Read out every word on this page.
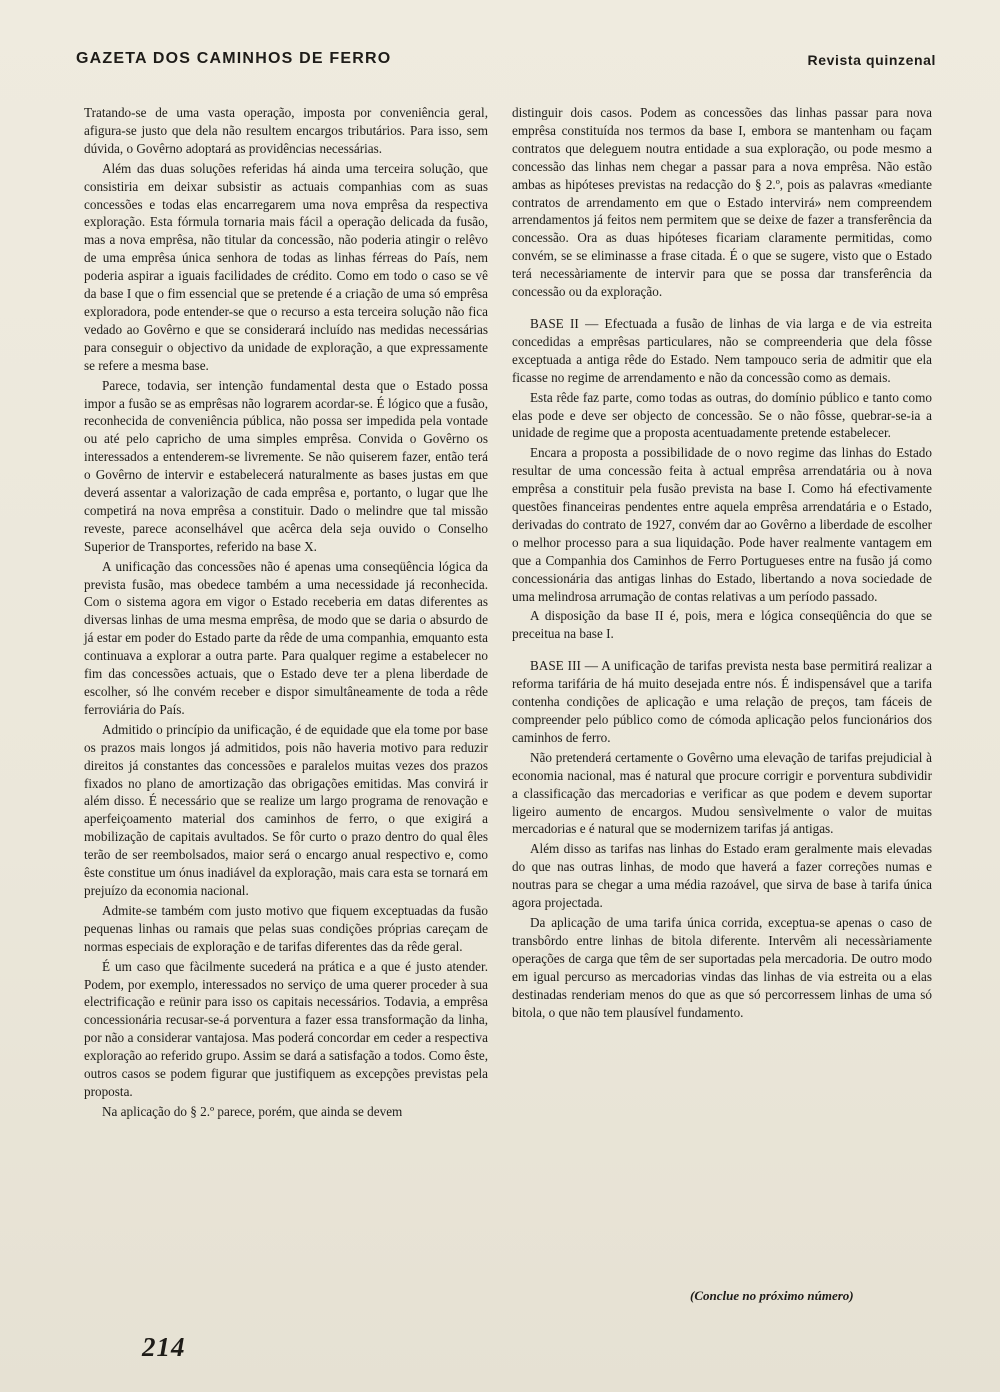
GAZETA DOS CAMINHOS DE FERRO	Revista quinzenal

Tratando-se de uma vasta operação, imposta por conveniência geral, afigura-se justo que dela não resultem encargos tributários. Para isso, sem dúvida, o Govêrno adoptará as providências necessárias.

Além das duas soluções referidas há ainda uma terceira solução, que consistiria em deixar subsistir as actuais companhias com as suas concessões e todas elas encarregarem uma nova emprêsa da respectiva exploração. Esta fórmula tornaria mais fácil a operação delicada da fusão, mas a nova emprêsa, não titular da concessão, não poderia atingir o relêvo de uma emprêsa única senhora de todas as linhas férreas do País, nem poderia aspirar a iguais facilidades de crédito. Como em todo o caso se vê da base I que o fim essencial que se pretende é a criação de uma só emprêsa exploradora, pode entender-se que o recurso a esta terceira solução não fica vedado ao Govêrno e que se considerará incluído nas medidas necessárias para conseguir o objectivo da unidade de exploração, a que expressamente se refere a mesma base.

Parece, todavia, ser intenção fundamental desta que o Estado possa impor a fusão se as emprêsas não lograrem acordar-se. É lógico que a fusão, reconhecida de conveniência pública, não possa ser impedida pela vontade ou até pelo capricho de uma simples emprêsa. Convida o Govêrno os interessados a entenderem-se livremente. Se não quiserem fazer, então terá o Govêrno de intervir e estabelecerá naturalmente as bases justas em que deverá assentar a valorização de cada emprêsa e, portanto, o lugar que lhe competirá na nova emprêsa a constituir. Dado o melindre que tal missão reveste, parece aconselhável que acêrca dela seja ouvido o Conselho Superior de Transportes, referido na base X.

A unificação das concessões não é apenas uma conseqüência lógica da prevista fusão, mas obedece também a uma necessidade já reconhecida. Com o sistema agora em vigor o Estado receberia em datas diferentes as diversas linhas de uma mesma emprêsa, de modo que se daria o absurdo de já estar em poder do Estado parte da rêde de uma companhia, emquanto esta continuava a explorar a outra parte. Para qualquer regime a estabelecer no fim das concessões actuais, que o Estado deve ter a plena liberdade de escolher, só lhe convém receber e dispor simultâneamente de toda a rêde ferroviária do País.

Admitido o princípio da unificação, é de equidade que ela tome por base os prazos mais longos já admitidos, pois não haveria motivo para reduzir direitos já constantes das concessões e paralelos muitas vezes dos prazos fixados no plano de amortização das obrigações emitidas. Mas convirá ir além disso. É necessário que se realize um largo programa de renovação e aperfeiçoamento material dos caminhos de ferro, o que exigirá a mobilização de capitais avultados. Se fôr curto o prazo dentro do qual êles terão de ser reembolsados, maior será o encargo anual respectivo e, como êste constitue um ónus inadiável da exploração, mais cara esta se tornará em prejuízo da economia nacional.

Admite-se também com justo motivo que fiquem exceptuadas da fusão pequenas linhas ou ramais que pelas suas condições próprias careçam de normas especiais de exploração e de tarifas diferentes das da rêde geral.

É um caso que fàcilmente sucederá na prática e a que é justo atender. Podem, por exemplo, interessados no serviço de uma querer proceder à sua electrificação e reünir para isso os capitais necessários. Todavia, a emprêsa concessionária recusar-se-á porventura a fazer essa transformação da linha, por não a considerar vantajosa. Mas poderá concordar em ceder a respectiva exploração ao referido grupo. Assim se dará a satisfação a todos. Como êste, outros casos se podem figurar que justifiquem as excepções previstas pela proposta.

Na aplicação do § 2.º parece, porém, que ainda se devem

distinguir dois casos. Podem as concessões das linhas passar para nova emprêsa constituída nos termos da base I, embora se mantenham ou façam contratos que deleguem noutra entidade a sua exploração, ou pode mesmo a concessão das linhas nem chegar a passar para a nova emprêsa. Não estão ambas as hipóteses previstas na redacção do § 2.º, pois as palavras «mediante contratos de arrendamento em que o Estado intervirá» nem compreendem arrendamentos já feitos nem permitem que se deixe de fazer a transferência da concessão. Ora as duas hipóteses ficariam claramente permitidas, como convém, se se eliminasse a frase citada. É o que se sugere, visto que o Estado terá necessàriamente de intervir para que se possa dar transferência da concessão ou da exploração.

BASE II — Efectuada a fusão de linhas de via larga e de via estreita concedidas a emprêsas particulares, não se compreenderia que dela fôsse exceptuada a antiga rêde do Estado. Nem tampouco seria de admitir que ela ficasse no regime de arrendamento e não da concessão como as demais.

Esta rêde faz parte, como todas as outras, do domínio público e tanto como elas pode e deve ser objecto de concessão. Se o não fôsse, quebrar-se-ia a unidade de regime que a proposta acentuadamente pretende estabelecer.

Encara a proposta a possibilidade de o novo regime das linhas do Estado resultar de uma concessão feita à actual emprêsa arrendatária ou à nova emprêsa a constituir pela fusão prevista na base I. Como há efectivamente questões financeiras pendentes entre aquela emprêsa arrendatária e o Estado, derivadas do contrato de 1927, convém dar ao Govêrno a liberdade de escolher o melhor processo para a sua liquidação. Pode haver realmente vantagem em que a Companhia dos Caminhos de Ferro Portugueses entre na fusão já como concessionária das antigas linhas do Estado, libertando a nova sociedade de uma melindrosa arrumação de contas relativas a um período passado.

A disposição da base II é, pois, mera e lógica conseqüência do que se preceitua na base I.

BASE III — A unificação de tarifas prevista nesta base permitirá realizar a reforma tarifária de há muito desejada entre nós. É indispensável que a tarifa contenha condições de aplicação e uma relação de preços, tam fáceis de compreender pelo público como de cómoda aplicação pelos funcionários dos caminhos de ferro.

Não pretenderá certamente o Govêrno uma elevação de tarifas prejudicial à economia nacional, mas é natural que procure corrigir e porventura subdividir a classificação das mercadorias e verificar as que podem e devem suportar ligeiro aumento de encargos. Mudou sensìvelmente o valor de muitas mercadorias e é natural que se modernizem tarifas já antigas.

Além disso as tarifas nas linhas do Estado eram geralmente mais elevadas do que nas outras linhas, de modo que haverá a fazer correções numas e noutras para se chegar a uma média razoável, que sirva de base à tarifa única agora projectada.

Da aplicação de uma tarifa única corrida, exceptua-se apenas o caso de transbôrdo entre linhas de bitola diferente. Intervêm ali necessàriamente operações de carga que têm de ser suportadas pela mercadoria. De outro modo em igual percurso as mercadorias vindas das linhas de via estreita ou a elas destinadas renderiam menos do que as que só percorressem linhas de uma só bitola, o que não tem plausível fundamento.

(Conclue no próximo número)
214
